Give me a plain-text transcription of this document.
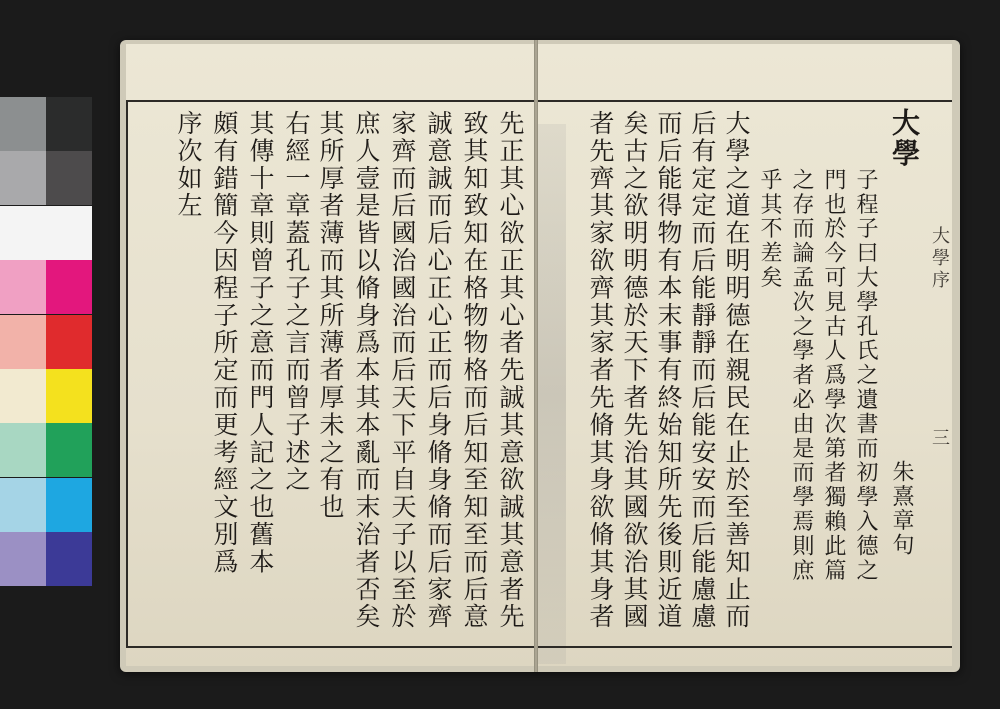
先正其心欲正其心者先誠其意欲誠其意者先
致其知致知在格物物格而后知至知至而后意
誠意誠而后心正心正而后身脩身脩而后家齊
家齊而后國治國治而后天下平自天子以至於
庶人壹是皆以脩身爲本其本亂而末治者否矣
其所厚者薄而其所薄者厚未之有也
右經一章蓋孔子之言而曾子述之
其傳十章則曾子之意而門人記之也舊本
頗有錯簡今因程子所定而更考經文別爲
序次如左
大學序
三
大學
子程子曰大學孔氏之遺書而初學入德之
門也於今可見古人爲學次第者獨賴此篇
之存而論孟次之學者必由是而學焉則庶
乎其不差矣
朱熹章句
大學之道在明明德在親民在止於至善知止而
后有定定而后能靜靜而后能安安而后能慮慮
而后能得物有本末事有終始知所先後則近道
矣古之欲明明德於天下者先治其國欲治其國
者先齊其家欲齊其家者先脩其身欲脩其身者
